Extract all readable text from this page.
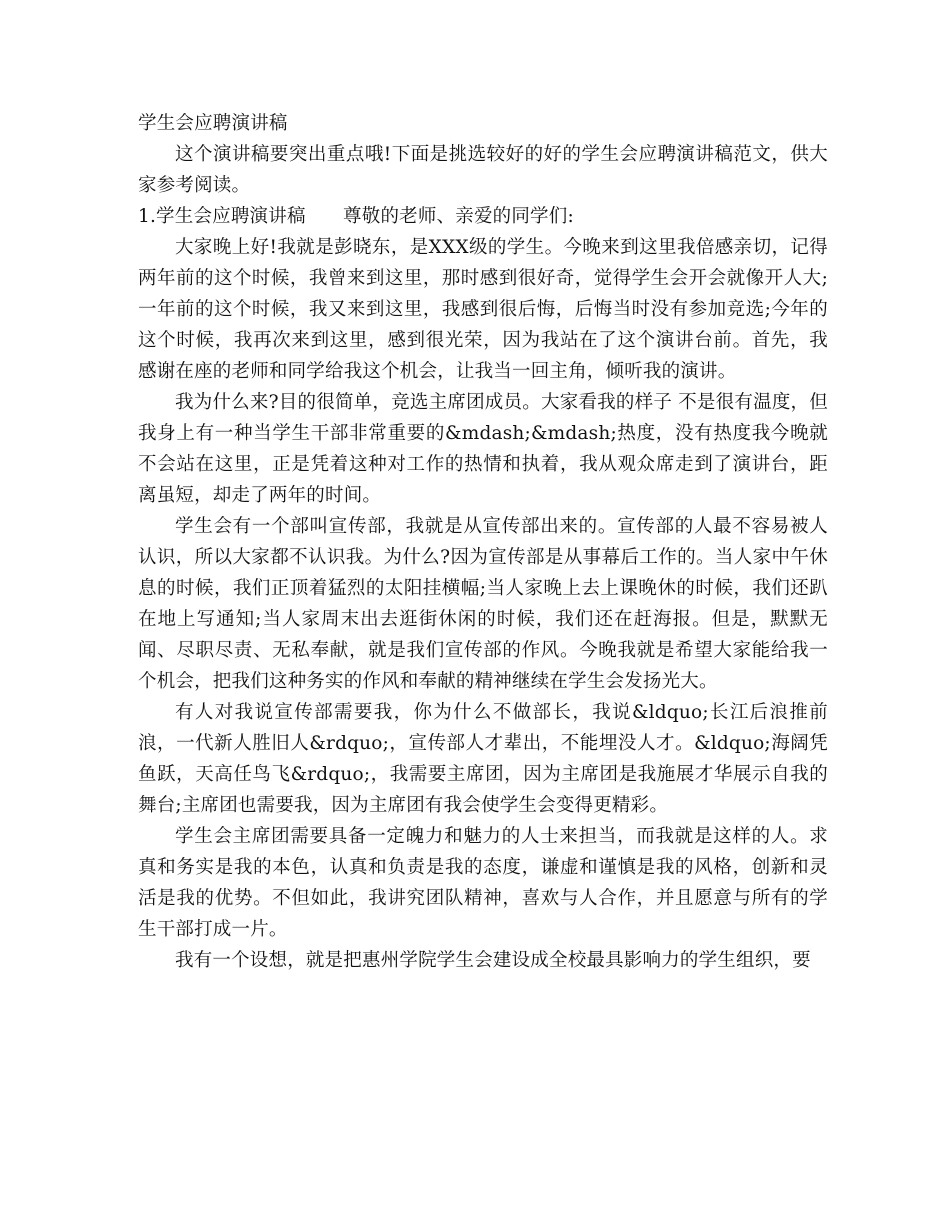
学生会应聘演讲稿

这个演讲稿要突出重点哦!下面是挑选较好的好的学生会应聘演讲稿范文，供大家参考阅读。

1.学生会应聘演讲稿　　尊敬的老师、亲爱的同学们:

大家晚上好!我就是彭晓东，是XXX级的学生。今晚来到这里我倍感亲切，记得两年前的这个时候，我曾来到这里，那时感到很好奇，觉得学生会开会就像开人大;一年前的这个时候，我又来到这里，我感到很后悔，后悔当时没有参加竞选;今年的这个时候，我再次来到这里，感到很光荣，因为我站在了这个演讲台前。首先，我感谢在座的老师和同学给我这个机会，让我当一回主角，倾听我的演讲。

我为什么来?目的很简单，竞选主席团成员。大家看我的样子 不是很有温度，但我身上有一种当学生干部非常重要的&mdash;&mdash;热度，没有热度我今晚就不会站在这里，正是凭着这种对工作的热情和执着，我从观众席走到了演讲台，距离虽短，却走了两年的时间。

学生会有一个部叫宣传部，我就是从宣传部出来的。宣传部的人最不容易被人认识，所以大家都不认识我。为什么?因为宣传部是从事幕后工作的。当人家中午休息的时候，我们正顶着猛烈的太阳挂横幅;当人家晚上去上课晚休的时候，我们还趴在地上写通知;当人家周末出去逛街休闲的时候，我们还在赶海报。但是，默默无闻、尽职尽责、无私奉献，就是我们宣传部的作风。今晚我就是希望大家能给我一个机会，把我们这种务实的作风和奉献的精神继续在学生会发扬光大。

有人对我说宣传部需要我，你为什么不做部长，我说&ldquo;长江后浪推前浪，一代新人胜旧人&rdquo;，宣传部人才辈出，不能埋没人才。&ldquo;海阔凭鱼跃，天高任鸟飞&rdquo;，我需要主席团，因为主席团是我施展才华展示自我的舞台;主席团也需要我，因为主席团有我会使学生会变得更精彩。

学生会主席团需要具备一定魄力和魅力的人士来担当，而我就是这样的人。求真和务实是我的本色，认真和负责是我的态度，谦虚和谨慎是我的风格，创新和灵活是我的优势。不但如此，我讲究团队精神，喜欢与人合作，并且愿意与所有的学生干部打成一片。

我有一个设想，就是把惠州学院学生会建设成全校最具影响力的学生组织，要
